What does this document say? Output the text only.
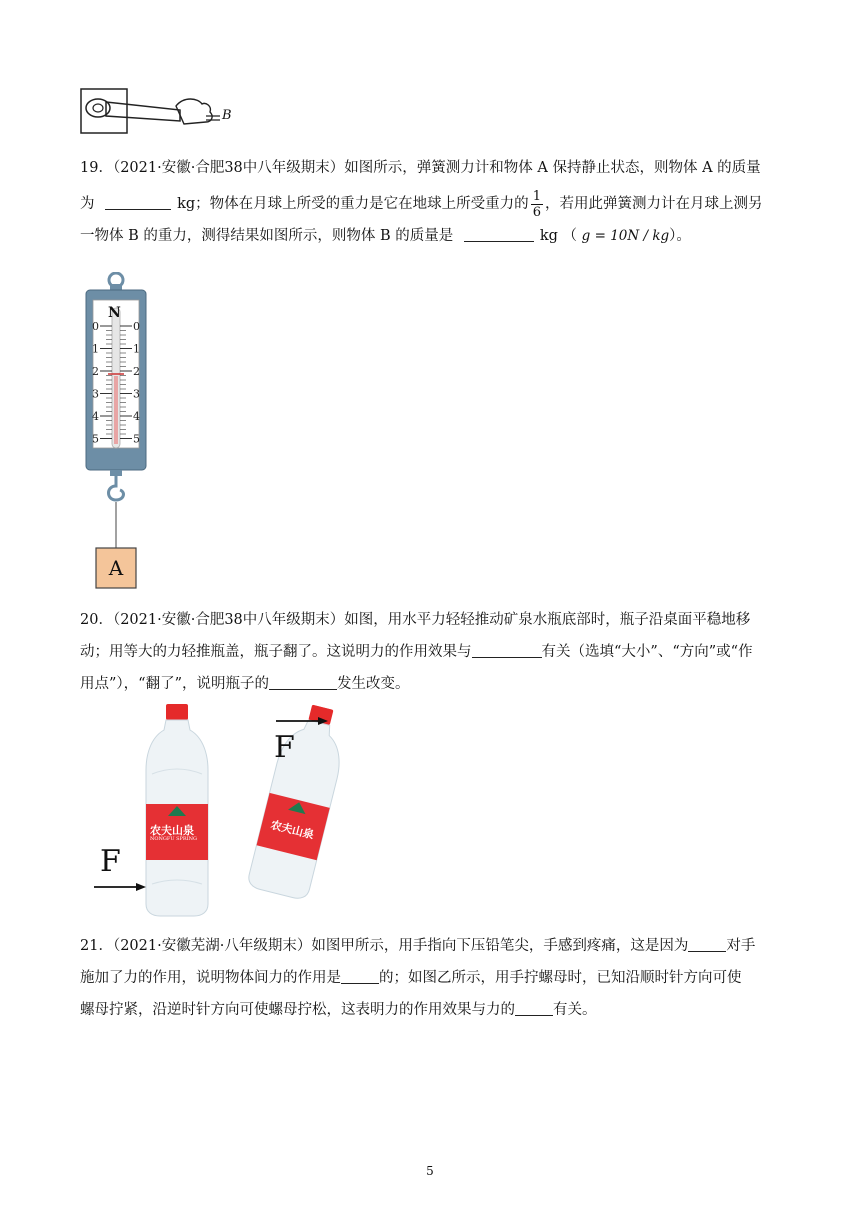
B
19．（2021·安徽·合肥38中八年级期末）如图所示，弹簧测力计和物体 A 保持静止状态，则物体 A 的质量
为	kg；物体在月球上所受的重力是它在地球上所受重力的 $\frac{1}{6}$ ，若用此弹簧测力计在月球上测另
一物体 B 的重力，测得结果如图所示，则物体 B 的质量是	kg （ g = 10N / kg）。
0	0
1	1
2	2
3	3
4	4
5	5
N
A
20．（2021·安徽·合肥38中八年级期末）如图，用水平力轻轻推动矿泉水瓶底部时，瓶子沿桌面平稳地移
动；用等大的力轻推瓶盖，瓶子翻了。这说明力的作用效果与	有关（选填“大小”、“方向”或“作
用点”），“翻了”，说明瓶子的	发生改变。
农夫山泉
NONGFU SPRING
F
农夫山泉
F
21．（2021·安徽芜湖·八年级期末）如图甲所示，用手指向下压铅笔尖，手感到疼痛，这是因为	对手
施加了力的作用，说明物体间力的作用是	的；如图乙所示，用手拧螺母时，已知沿顺时针方向可使
螺母拧紧，沿逆时针方向可使螺母拧松，这表明力的作用效果与力的	有关。
5
